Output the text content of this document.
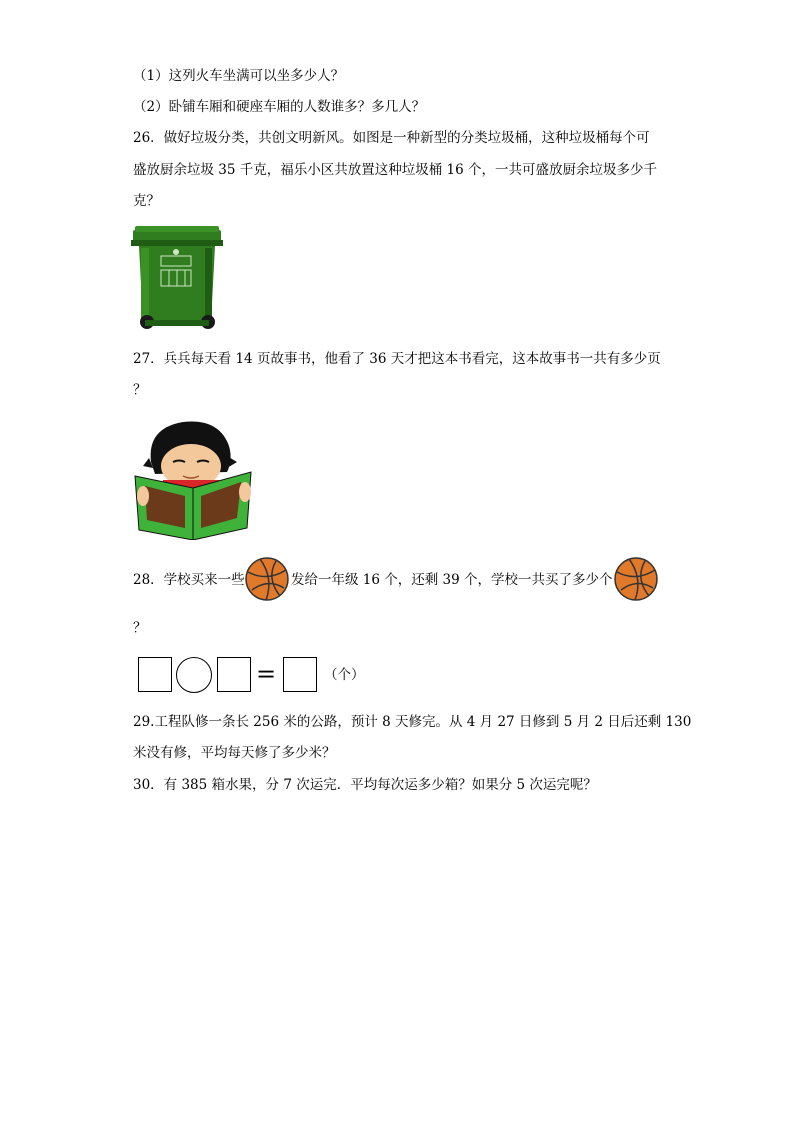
（1）这列火车坐满可以坐多少人？
（2）卧铺车厢和硬座车厢的人数谁多？多几人？
26．做好垃圾分类，共创文明新风。如图是一种新型的分类垃圾桶，这种垃圾桶每个可
盛放厨余垃圾 35 千克，福乐小区共放置这种垃圾桶 16 个，一共可盛放厨余垃圾多少千
克？
27．兵兵每天看 14 页故事书，他看了 36 天才把这本书看完，这本故事书一共有多少页
？
28．学校买来一些	发给一年级 16 个，还剩 39 个，学校一共买了多少个
？
=	（个）
29.工程队修一条长 256 米的公路，预计 8 天修完。从 4 月 27 日修到 5 月 2 日后还剩 130
米没有修，平均每天修了多少米？
30．有 385 箱水果，分 7 次运完．平均每次运多少箱？如果分 5 次运完呢？
